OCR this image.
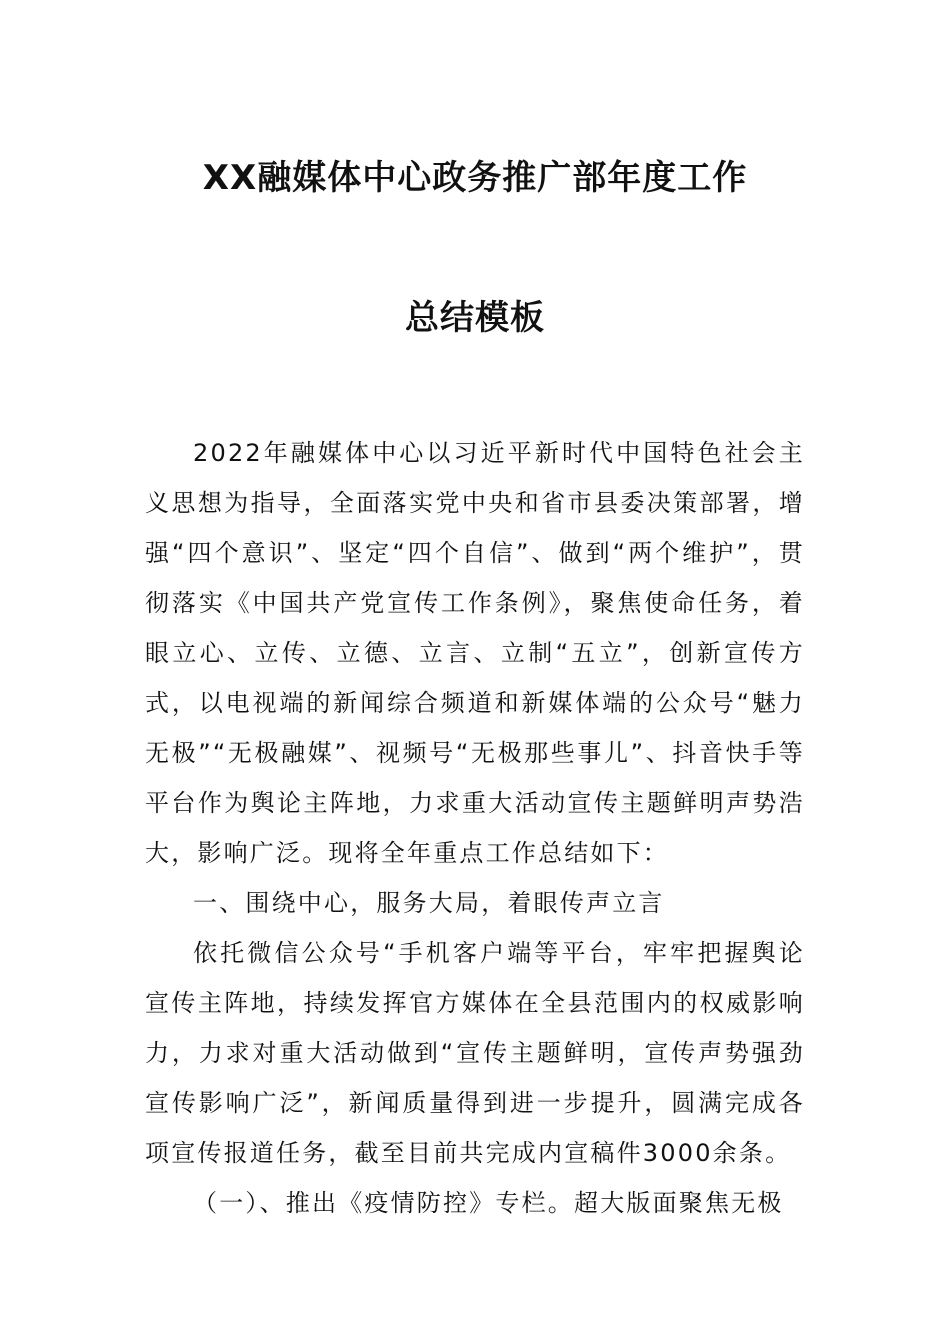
XX融媒体中心政务推广部年度工作
总结模板

2022年融媒体中心以习近平新时代中国特色社会主义思想为指导，全面落实党中央和省市县委决策部署，增强“四个意识”、坚定“四个自信”、做到“两个维护”，贯彻落实《中国共产党宣传工作条例》，聚焦使命任务，着眼立心、立传、立德、立言、立制“五立”，创新宣传方式，以电视端的新闻综合频道和新媒体端的公众号“魅力无极”“无极融媒”、视频号“无极那些事儿”、抖音快手等平台作为舆论主阵地，力求重大活动宣传主题鲜明声势浩大，影响广泛。现将全年重点工作总结如下：

一、围绕中心，服务大局，着眼传声立言

依托微信公众号“手机客户端等平台，牢牢把握舆论宣传主阵地，持续发挥官方媒体在全县范围内的权威影响力，力求对重大活动做到“宣传主题鲜明，宣传声势强劲宣传影响广泛”，新闻质量得到进一步提升，圆满完成各项宣传报道任务，截至目前共完成内宣稿件3000余条。

（一）、推出《疫情防控》专栏。超大版面聚焦无极
